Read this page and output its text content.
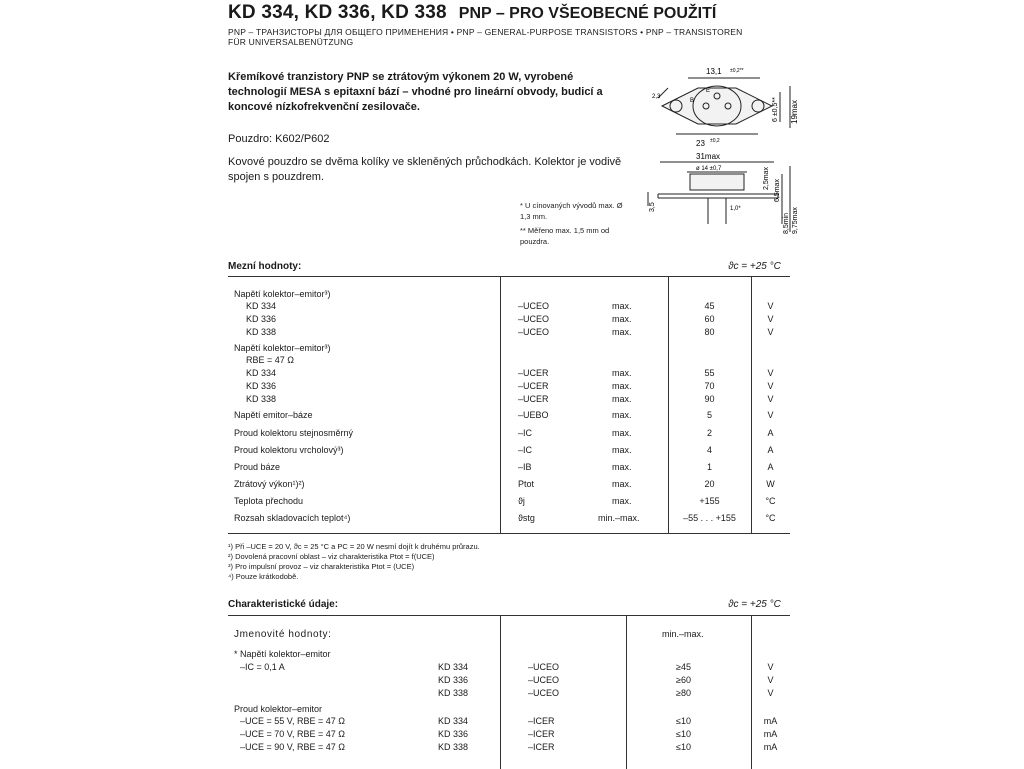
KD 334, KD 336, KD 338 PNP – PRO VŠEOBECNÉ POUŽITÍ
PNP – ТРАНЗИСТОРЫ ДЛЯ ОБЩЕГО ПРИМЕНЕНИЯ • PNP – GENERAL-PURPOSE TRANSISTORS • PNP – TRANSISTOREN
FÜR UNIVERSALBENÜTZUNG
Křemíkové tranzistory PNP se ztrátovým výkonem 20 W, vyrobené technologií MESA s epitaxní bází – vhodné pro lineární obvody, budicí a koncové nízkofrekvenční zesilovače.
Pouzdro: K602/P602
Kovové pouzdro se dvěma kolíky ve skleněných průchodkách. Kolektor je vodivě spojen s pouzdrem.
* U cínovaných vývodů max. Ø 1,3 mm.
** Měřeno max. 1,5 mm od pouzdra.
13,1 ±0,2**
23 ±0,2
E
B
2,3
31max
ø 14 ±0,7
1,0*
3,5
6 ±0,5** 19max
2,5max
6,5max
8,5min 9,75max
Mezní hodnoty:	ϑc = +25 °C
Napětí kolektor–emitor³)
KD 334	–UCEO	max.	45	V
KD 336	–UCEO	max.	60	V
KD 338	–UCEO	max.	80	V
Napětí kolektor–emitor³)
RBE = 47 Ω
KD 334	–UCER	max.	55	V
KD 336	–UCER	max.	70	V
KD 338	–UCER	max.	90	V
Napětí emitor–báze	–UEBO	max.	5	V
Proud kolektoru stejnosměrný	–IC	max.	2	A
Proud kolektoru vrcholový³)	–IC	max.	4	A
Proud báze	–IB	max.	1	A
Ztrátový výkon¹)²)	Ptot	max.	20	W
Teplota přechodu	ϑj	max.	+155	°C
Rozsah skladovacích teplot⁴)	ϑstg	min.–max.	–55 . . . +155	°C
¹) Při –UCE = 20 V, ϑc = 25 °C a PC = 20 W nesmí dojít k druhému průrazu.
²) Dovolená pracovní oblast – viz charakteristika Ptot = f(UCE)
³) Pro impulsní provoz – viz charakteristika Ptot = (UCE)
⁴) Pouze krátkodobě.
Charakteristické údaje:	ϑc = +25 °C
Jmenovité hodnoty:	min.–max.
* Napětí kolektor–emitor
–IC = 0,1 A	KD 334	–UCEO	≥45	V
KD 336	–UCEO	≥60	V
KD 338	–UCEO	≥80	V
Proud kolektor–emitor
–UCE = 55 V, RBE = 47 Ω	KD 334	–ICER	≤10	mA
–UCE = 70 V, RBE = 47 Ω	KD 336	–ICER	≤10	mA
–UCE = 90 V, RBE = 47 Ω	KD 338	–ICER	≤10	mA
